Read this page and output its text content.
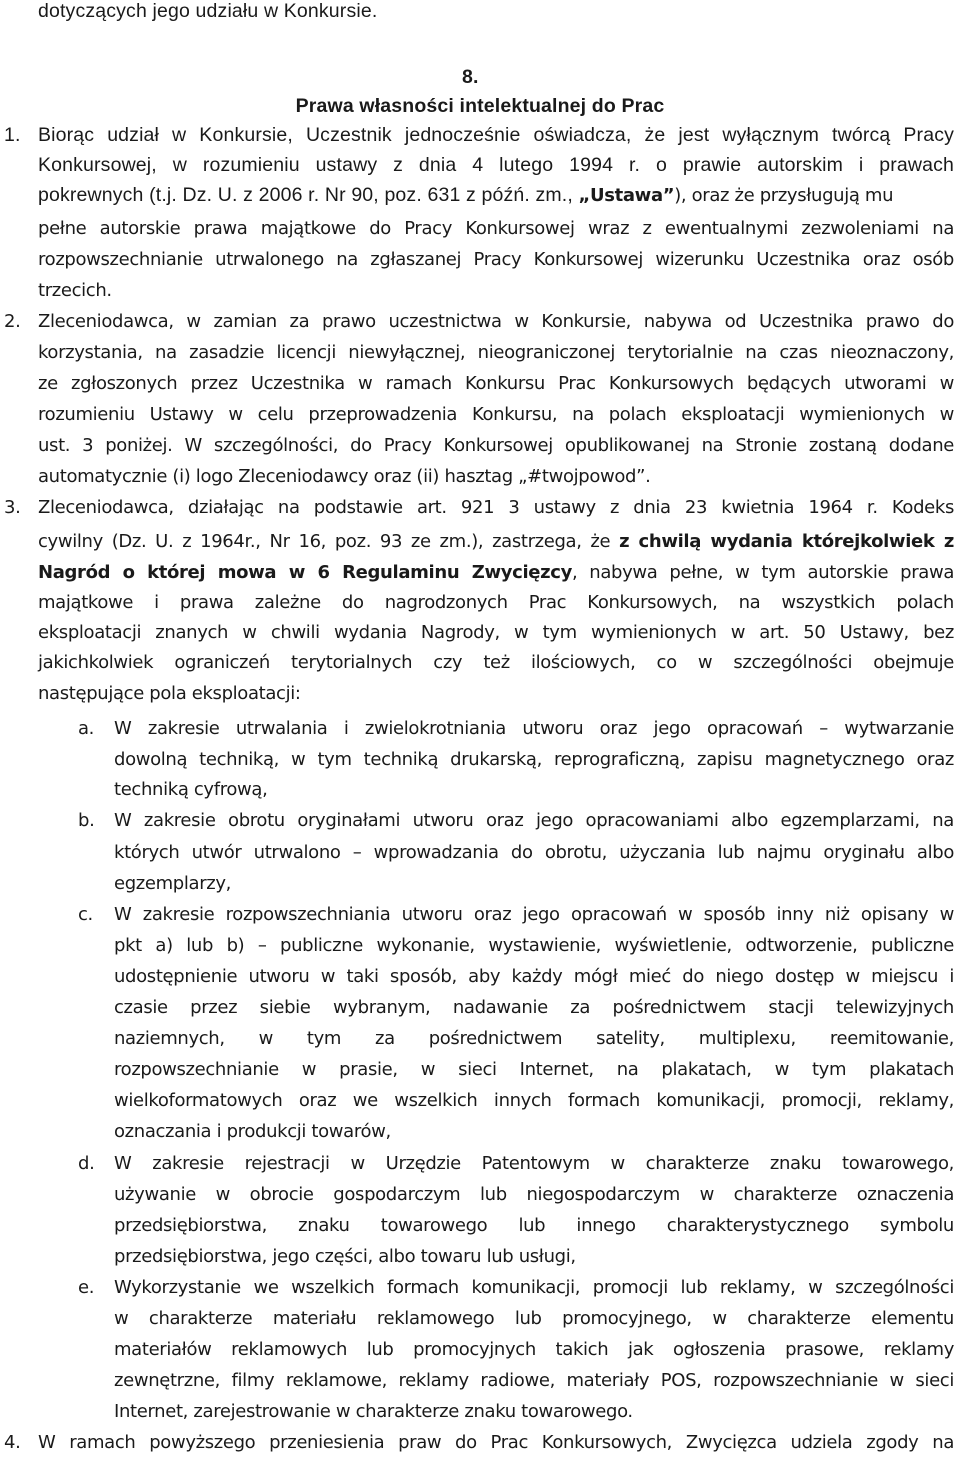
dotyczących jego udziału w Konkursie.
8.
Prawa własności intelektualnej do Prac
1. Biorąc udział w Konkursie, Uczestnik jednocześnie oświadcza, że jest wyłącznym twórcą Pracy
Konkursowej, w rozumieniu ustawy z dnia 4 lutego 1994 r. o prawie autorskim i prawach
pokrewnych (t.j. Dz. U. z 2006 r. Nr 90, poz. 631 z późń. zm., „Ustawa”), oraz że przysługują mu
pełne autorskie prawa majątkowe do Pracy Konkursowej wraz z ewentualnymi zezwoleniami na
rozpowszechnianie utrwalonego na zgłaszanej Pracy Konkursowej wizerunku Uczestnika oraz osób
trzecich.
2. Zleceniodawca, w zamian za prawo uczestnictwa w Konkursie, nabywa od Uczestnika prawo do
korzystania, na zasadzie licencji niewyłącznej, nieograniczonej terytorialnie na czas nieoznaczony,
ze zgłoszonych przez Uczestnika w ramach Konkursu Prac Konkursowych będących utworami w
rozumieniu Ustawy w celu przeprowadzenia Konkursu, na polach eksploatacji wymienionych w
ust. 3 poniżej. W szczególności, do Pracy Konkursowej opublikowanej na Stronie zostaną dodane
automatycznie (i) logo Zleceniodawcy oraz (ii) hasztag „#twojpowod”.
3. Zleceniodawca, działając na podstawie art. 921 3 ustawy z dnia 23 kwietnia 1964 r. Kodeks
cywilny (Dz. U. z 1964r., Nr 16, poz. 93 ze zm.), zastrzega, że z chwilą wydania którejkolwiek z
Nagród o której mowa w 6 Regulaminu Zwycięzcy, nabywa pełne, w tym autorskie prawa
majątkowe i prawa zależne do nagrodzonych Prac Konkursowych, na wszystkich polach
eksploatacji znanych w chwili wydania Nagrody, w tym wymienionych w art. 50 Ustawy, bez
jakichkolwiek ograniczeń terytorialnych czy też ilościowych, co w szczególności obejmuje
następujące pola eksploatacji:
a. W zakresie utrwalania i zwielokrotniania utworu oraz jego opracowań – wytwarzanie
dowolną techniką, w tym techniką drukarską, reprograficzną, zapisu magnetycznego oraz
techniką cyfrową,
b. W zakresie obrotu oryginałami utworu oraz jego opracowaniami albo egzemplarzami, na
których utwór utrwalono – wprowadzania do obrotu, użyczania lub najmu oryginału albo
egzemplarzy,
c. W zakresie rozpowszechniania utworu oraz jego opracowań w sposób inny niż opisany w
pkt a) lub b) – publiczne wykonanie, wystawienie, wyświetlenie, odtworzenie, publiczne
udostępnienie utworu w taki sposób, aby każdy mógł mieć do niego dostęp w miejscu i
czasie przez siebie wybranym, nadawanie za pośrednictwem stacji telewizyjnych
naziemnych, w tym za pośrednictwem satelity, multiplexu, reemitowanie,
rozpowszechnianie w prasie, w sieci Internet, na plakatach, w tym plakatach
wielkoformatowych oraz we wszelkich innych formach komunikacji, promocji, reklamy,
oznaczania i produkcji towarów,
d. W zakresie rejestracji w Urzędzie Patentowym w charakterze znaku towarowego,
używanie w obrocie gospodarczym lub niegospodarczym w charakterze oznaczenia
przedsiębiorstwa, znaku towarowego lub innego charakterystycznego symbolu
przedsiębiorstwa, jego części, albo towaru lub usługi,
e. Wykorzystanie we wszelkich formach komunikacji, promocji lub reklamy, w szczególności
w charakterze materiału reklamowego lub promocyjnego, w charakterze elementu
materiałów reklamowych lub promocyjnych takich jak ogłoszenia prasowe, reklamy
zewnętrzne, filmy reklamowe, reklamy radiowe, materiały POS, rozpowszechnianie w sieci
Internet, zarejestrowanie w charakterze znaku towarowego.
4. W ramach powyższego przeniesienia praw do Prac Konkursowych, Zwycięzca udziela zgody na
